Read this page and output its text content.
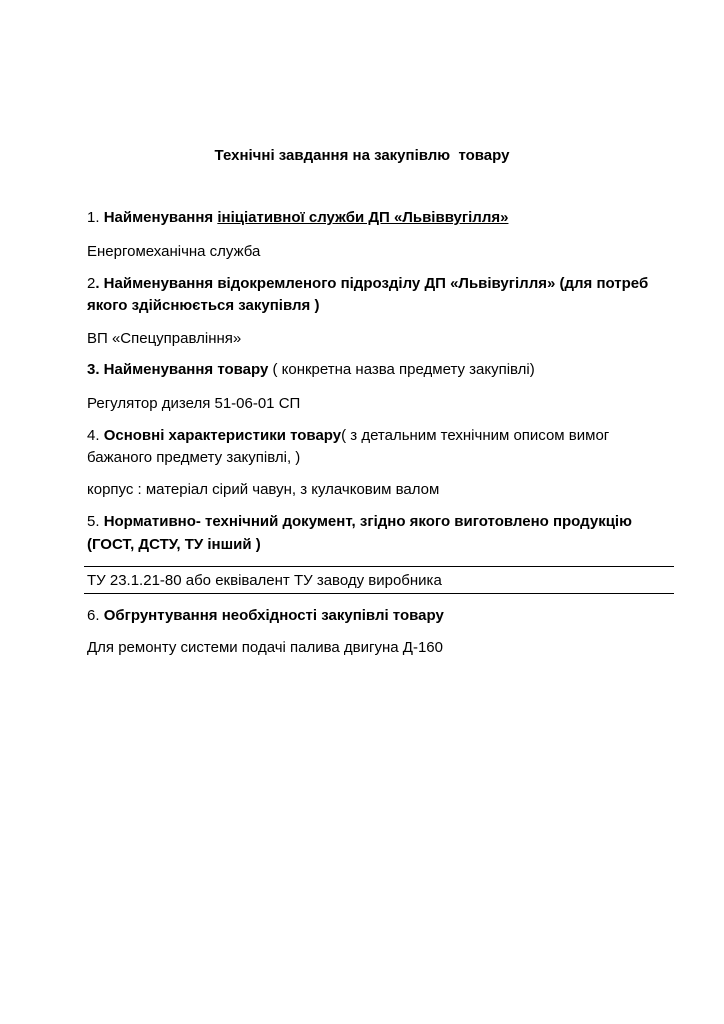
Технічні завдання на закупівлю  товару
1. Найменування ініціативної служби ДП «Львіввугілля»
Енергомеханічна служба
2. Найменування відокремленого підрозділу ДП «Львівугілля» (для потреб
якого здійснюється закупівля )
ВП «Спецуправління»
3. Найменування товару ( конкретна назва предмету закупівлі)
Регулятор дизеля 51-06-01 СП
4. Основні характеристики товару( з детальним технічним описом вимог
бажаного предмету закупівлі, )
корпус : матеріал сірий чавун, з кулачковим валом
5. Нормативно- технічний документ, згідно якого виготовлено продукцію
(ГОСТ, ДСТУ, ТУ інший )
ТУ 23.1.21-80 або еквівалент ТУ заводу виробника
6. Обгрунтування необхідності закупівлі товару
Для ремонту системи подачі палива двигуна Д-160
